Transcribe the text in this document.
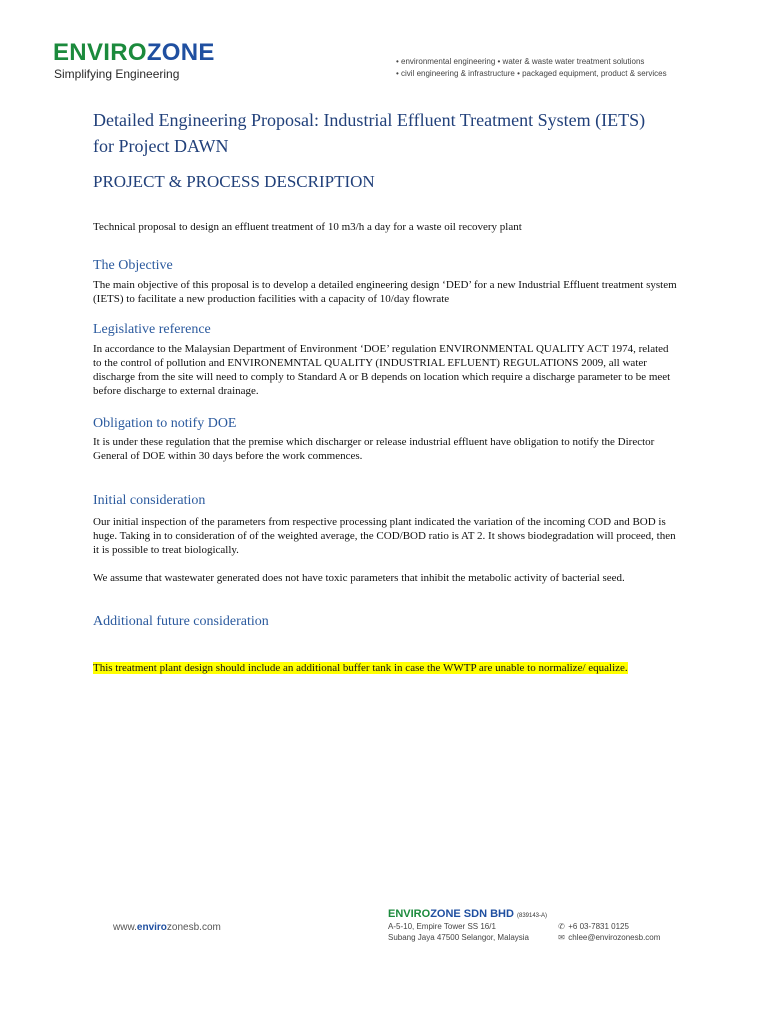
ENVIROZONE
Simplifying Engineering
• environmental engineering • water & waste water treatment solutions
• civil engineering & infrastructure • packaged equipment, product & services
Detailed Engineering Proposal: Industrial Effluent Treatment System (IETS) for Project DAWN
PROJECT & PROCESS DESCRIPTION
Technical proposal to design an effluent treatment of 10 m3/h a day for a waste oil recovery plant
The Objective
The main objective of this proposal is to develop a detailed engineering design ‘DED’ for a new Industrial Effluent treatment system (IETS) to facilitate a new production facilities with a capacity of 10/day flowrate
Legislative reference
In accordance to the Malaysian Department of Environment ‘DOE’ regulation ENVIRONMENTAL QUALITY ACT 1974, related to the control of pollution and ENVIRONEMNTAL QUALITY (INDUSTRIAL EFLUENT) REGULATIONS 2009, all water discharge from the site will need to comply to Standard A or B depends on location which require a discharge parameter to be meet before discharge to external drainage.
Obligation to notify DOE
It is under these regulation that the premise which discharger or release industrial effluent have obligation to notify the Director General of DOE within 30 days before the work commences.
Initial consideration
Our initial inspection of the parameters from respective processing plant indicated the variation of the incoming COD and BOD is huge. Taking in to consideration of of the weighted average, the COD/BOD ratio is AT 2. It shows biodegradation will proceed, then it is possible to treat biologically.
We assume that wastewater generated does not have toxic parameters that inhibit the metabolic activity of bacterial seed.
Additional future consideration
This treatment plant design should include an additional buffer tank in case the WWTP are unable to normalize/ equalize.
www.envirozonesb.com
ENVIROZONE SDN BHD (839143-A)
A-5-10, Empire Tower SS 16/1
Subang Jaya 47500 Selangor, Malaysia
✆ +6 03-7831 0125
✉ chlee@envirozonesb.com
